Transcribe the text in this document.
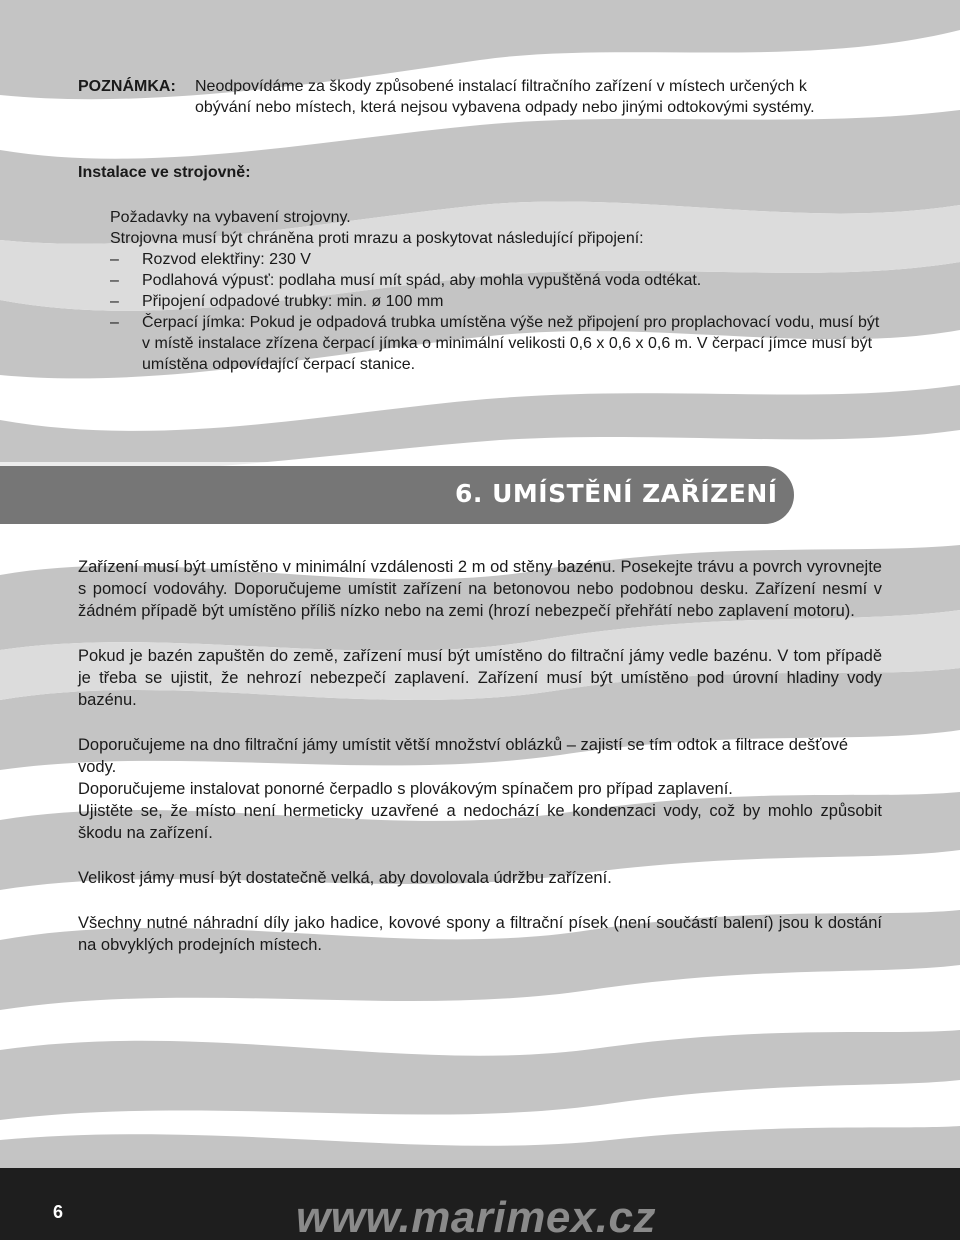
POZNÁMKA: Neodpovídáme za škody způsobené instalací filtračního zařízení v místech určených k obývání nebo místech, která nejsou vybavena odpady nebo jinými odtokovými systémy.
Instalace ve strojovně:
Požadavky na vybavení strojovny.
Strojovna musí být chráněna proti mrazu a poskytovat následující připojení:
– Rozvod elektřiny: 230 V
– Podlahová výpusť: podlaha musí mít spád, aby mohla vypuštěná voda odtékat.
– Připojení odpadové trubky: min. ø 100 mm
– Čerpací jímka: Pokud je odpadová trubka umístěna výše než připojení pro proplachovací vodu, musí být v místě instalace zřízena čerpací jímka o minimální velikosti 0,6 x 0,6 x 0,6 m. V čerpací jímce musí být umístěna odpovídající čerpací stanice.
6. UMÍSTĚNÍ ZAŘÍZENÍ

Zařízení musí být umístěno v minimální vzdálenosti 2 m od stěny bazénu. Posekejte trávu a povrch vyrovnejte s pomocí vodováhy. Doporučujeme umístit zařízení na betonovou nebo podobnou desku. Zařízení nesmí v žádném případě být umístěno příliš nízko nebo na zemi (hrozí nebezpečí přehřátí nebo zaplavení motoru).

Pokud je bazén zapuštěn do země, zařízení musí být umístěno do filtrační jámy vedle bazénu. V tom případě je třeba se ujistit, že nehrozí nebezpečí zaplavení. Zařízení musí být umístěno pod úrovní hladiny vody bazénu.

Doporučujeme na dno filtrační jámy umístit větší množství oblázků – zajistí se tím odtok a filtrace dešťové vody.

Doporučujeme instalovat ponorné čerpadlo s plovákovým spínačem pro případ zaplavení.

Ujistěte se, že místo není hermeticky uzavřené a nedochází ke kondenzaci vody, což by mohlo způsobit škodu na zařízení.

Velikost jámy musí být dostatečně velká, aby dovolovala údržbu zařízení.

Všechny nutné náhradní díly jako hadice, kovové spony a filtrační písek (není součástí balení) jsou k dostání na obvyklých prodejních místech.

6	www.marimex.cz
